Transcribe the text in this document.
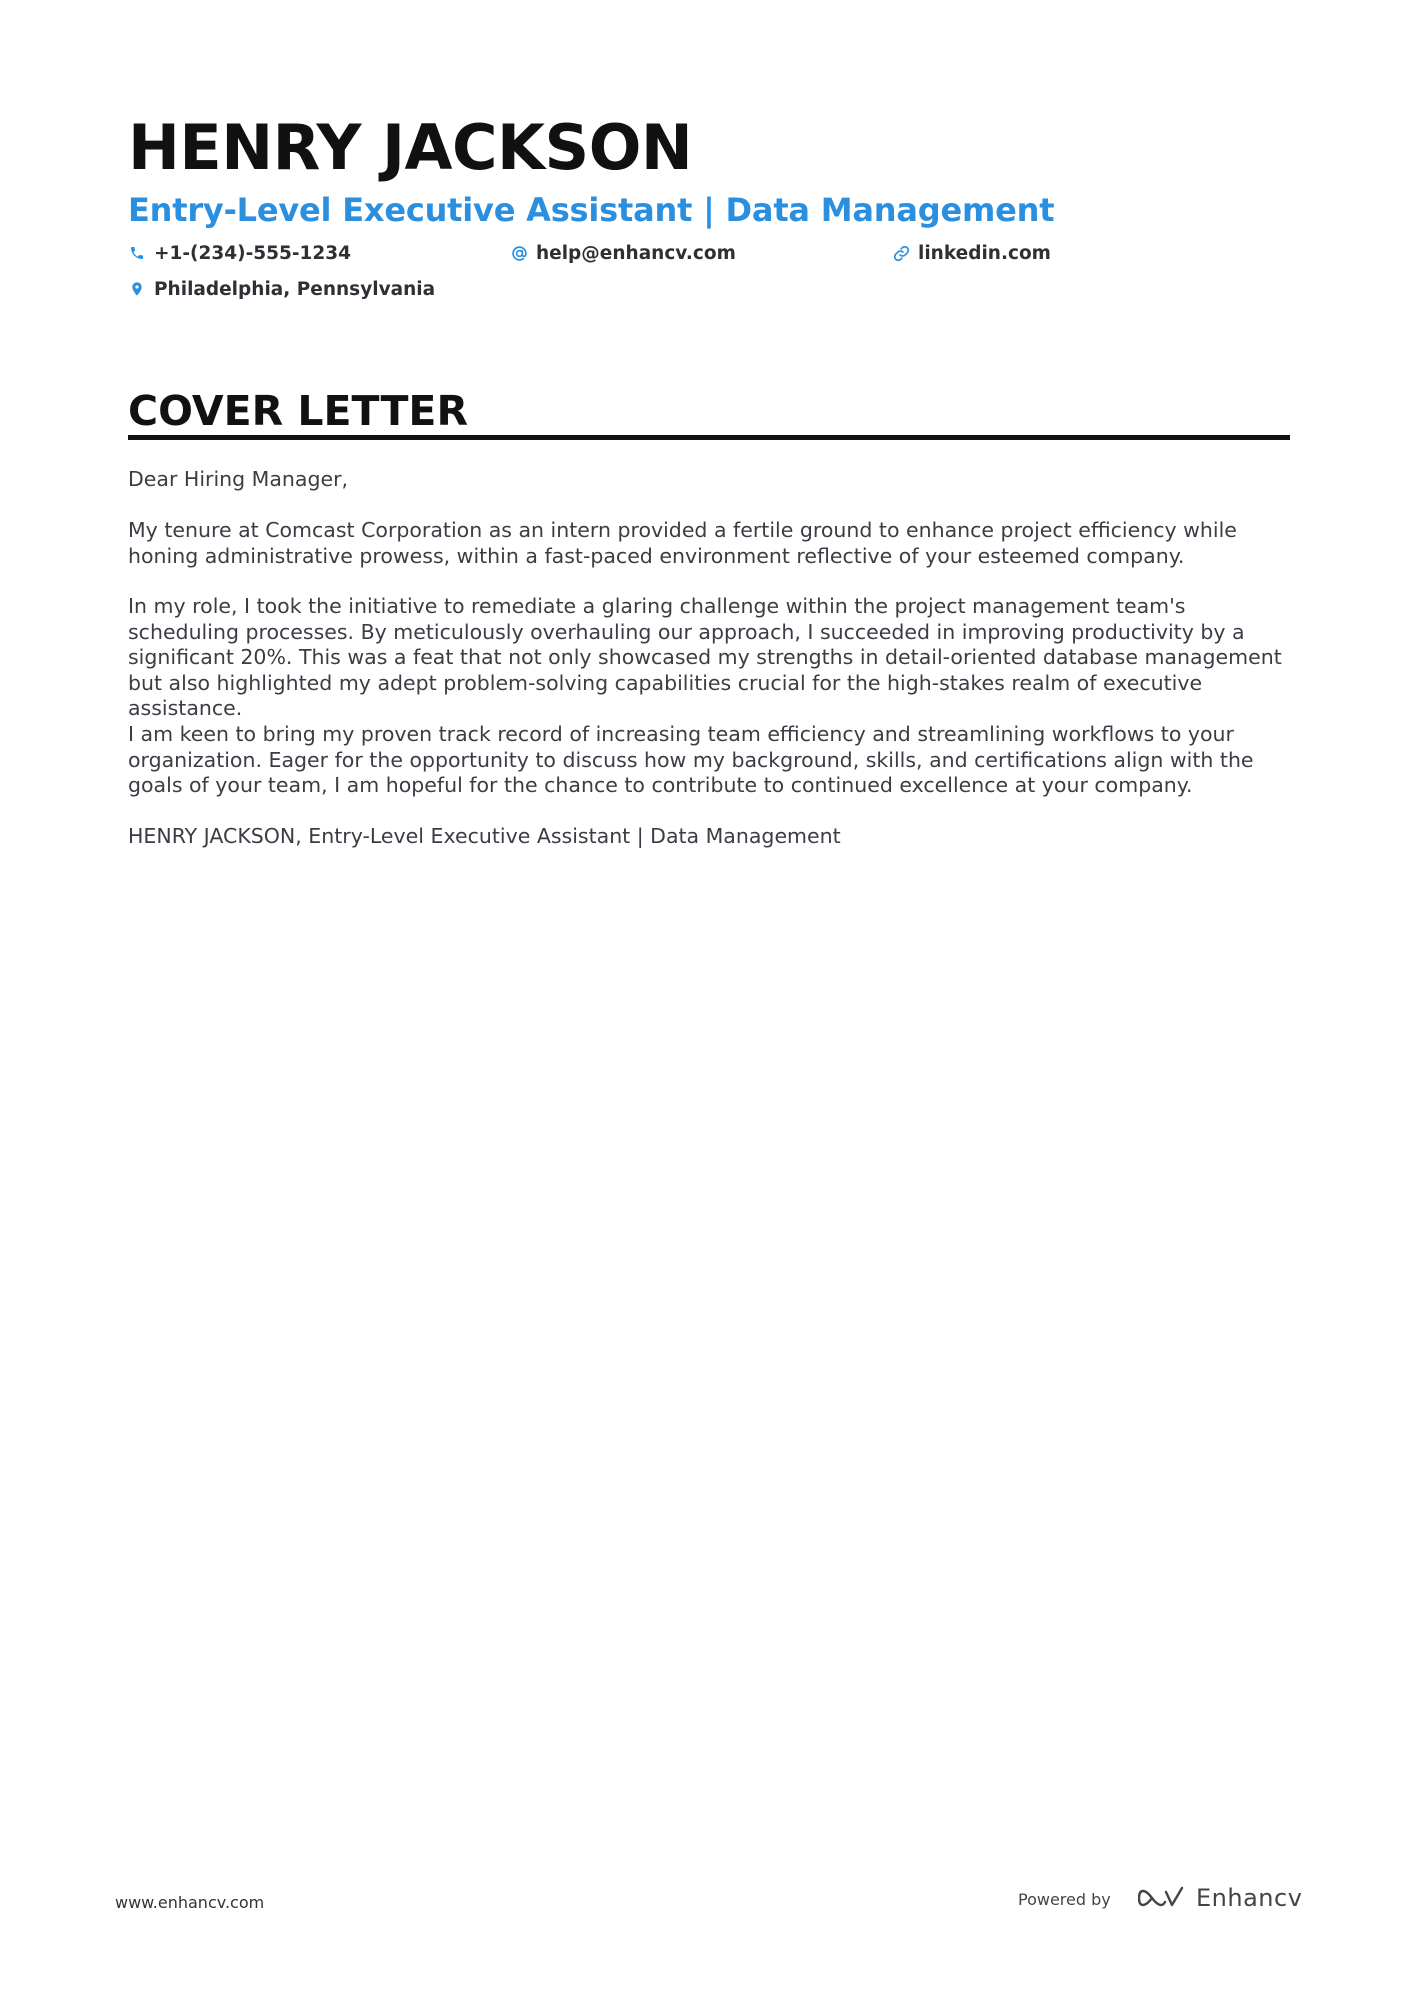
HENRY JACKSON
Entry-Level Executive Assistant | Data Management
+1-(234)-555-1234	help@enhancv.com	linkedin.com
Philadelphia, Pennsylvania
COVER LETTER

Dear Hiring Manager,

My tenure at Comcast Corporation as an intern provided a fertile ground to enhance project efficiency while honing administrative prowess, within a fast-paced environment reflective of your esteemed company.

In my role, I took the initiative to remediate a glaring challenge within the project management team's scheduling processes. By meticulously overhauling our approach, I succeeded in improving productivity by a significant 20%. This was a feat that not only showcased my strengths in detail-oriented database management but also highlighted my adept problem-solving capabilities crucial for the high-stakes realm of executive assistance.

I am keen to bring my proven track record of increasing team efficiency and streamlining workflows to your organization. Eager for the opportunity to discuss how my background, skills, and certifications align with the goals of your team, I am hopeful for the chance to contribute to continued excellence at your company.

HENRY JACKSON, Entry-Level Executive Assistant | Data Management

www.enhancv.com	Powered by	Enhancv
